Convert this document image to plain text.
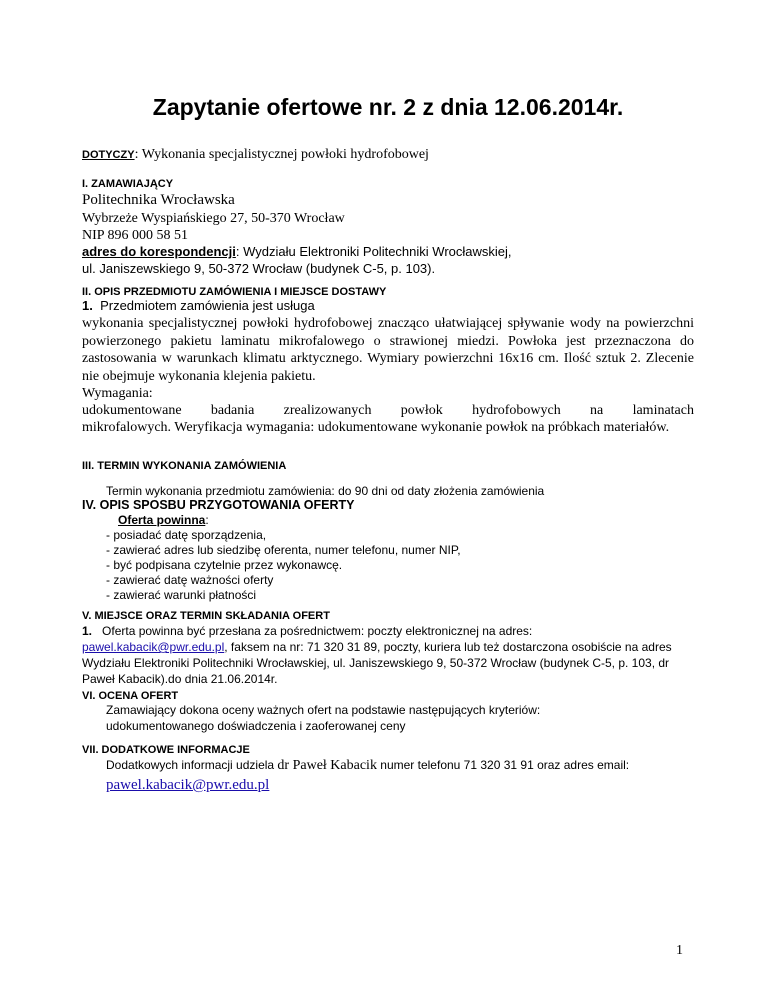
Zapytanie ofertowe nr. 2 z dnia 12.06.2014r.
DOTYCZY: Wykonania specjalistycznej powłoki hydrofobowej
I. ZAMAWIAJĄCY
Politechnika Wrocławska
Wybrzeże Wyspiańskiego 27, 50-370 Wrocław
NIP 896 000 58 51
adres do korespondencji: Wydziału Elektroniki Politechniki Wrocławskiej,
ul. Janiszewskiego 9, 50-372 Wrocław (budynek C-5, p. 103).
II. OPIS PRZEDMIOTU ZAMÓWIENIA I MIEJSCE DOSTAWY
1. Przedmiotem zamówienia jest usługa
wykonania specjalistycznej powłoki hydrofobowej znacząco ułatwiającej spływanie wody na powierzchni powierzonego pakietu laminatu mikrofalowego o strawionej miedzi. Powłoka jest przeznaczona do zastosowania w warunkach klimatu arktycznego. Wymiary powierzchni 16x16 cm. Ilość sztuk 2. Zlecenie nie obejmuje wykonania klejenia pakietu.
Wymagania:
udokumentowane badania zrealizowanych powłok hydrofobowych na laminatach
mikrofalowych. Weryfikacja wymagania: udokumentowane wykonanie powłok na próbkach materiałów.
III. TERMIN WYKONANIA ZAMÓWIENIA
Termin wykonania przedmiotu zamówienia: do 90 dni od daty złożenia zamówienia
IV. OPIS SPOSBU PRZYGOTOWANIA OFERTY
Oferta powinna:
- posiadać datę sporządzenia,
- zawierać adres lub siedzibę oferenta, numer telefonu, numer NIP,
- być podpisana czytelnie przez wykonawcę.
- zawierać datę ważności oferty
- zawierać warunki płatności
V. MIEJSCE ORAZ TERMIN SKŁADANIA OFERT
1. Oferta powinna być przesłana za pośrednictwem: poczty elektronicznej na adres:
pawel.kabacik@pwr.edu.pl, faksem na nr: 71 320 31 89, poczty, kuriera lub też dostarczona osobiście na adres Wydziału Elektroniki Politechniki Wrocławskiej, ul. Janiszewskiego 9, 50-372 Wrocław (budynek C-5, p. 103, dr Paweł Kabacik).do dnia 21.06.2014r.
VI. OCENA OFERT
Zamawiający dokona oceny ważnych ofert na podstawie następujących kryteriów:
udokumentowanego doświadczenia i zaoferowanej ceny
VII. DODATKOWE INFORMACJE
Dodatkowych informacji udziela dr Paweł Kabacik numer telefonu 71 320 31 91 oraz adres email:
pawel.kabacik@pwr.edu.pl
1
